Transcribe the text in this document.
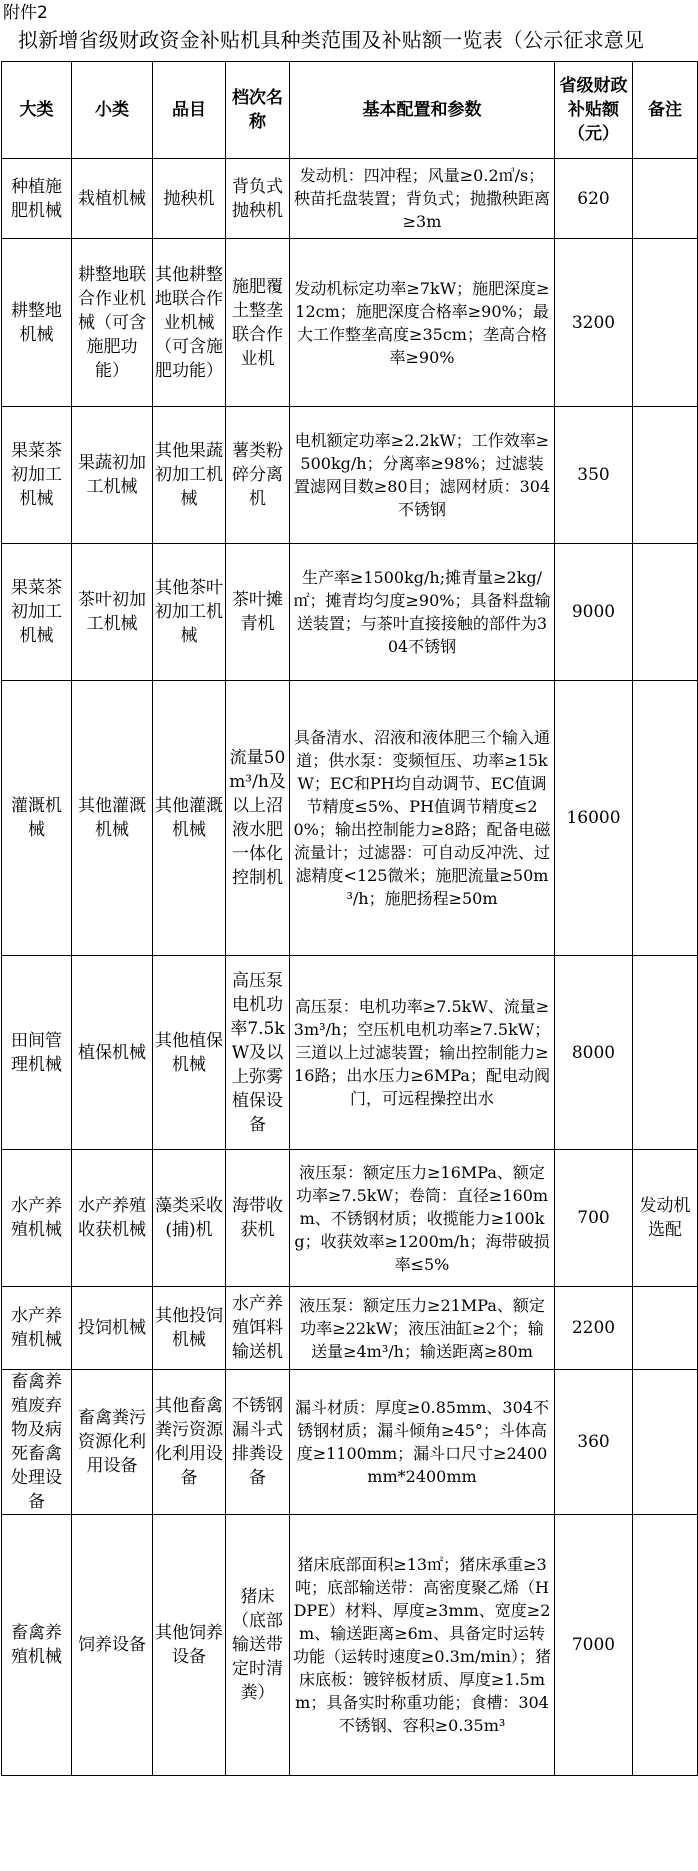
附件2
拟新增省级财政资金补贴机具种类范围及补贴额一览表（公示征求意见
大类	小类	品目	档次名称	基本配置和参数	省级财政补贴额（元）	备注
种植施肥机械	栽植机械	抛秧机	背负式抛秧机	发动机：四冲程；风量≥0.2㎥/s；秧苗托盘装置；背负式；抛撒秧距离≥3m	620	
耕整地机械	耕整地联合作业机械（可含施肥功能）	其他耕整地联合作业机械（可含施肥功能）	施肥覆土整垄联合作业机	发动机标定功率≥7kW；施肥深度≥12cm；施肥深度合格率≥90%；最大工作整垄高度≥35cm；垄高合格率≥90%	3200	
果菜茶初加工机械	果蔬初加工机械	其他果蔬初加工机械	薯类粉碎分离机	电机额定功率≥2.2kW；工作效率≥500kg/h；分离率≥98%；过滤装置滤网目数≥80目；滤网材质：304不锈钢	350	
果菜茶初加工机械	茶叶初加工机械	其他茶叶初加工机械	茶叶摊青机	生产率≥1500kg/h;摊青量≥2kg/㎡；摊青均匀度≥90%；具备料盘输送装置；与茶叶直接接触的部件为304不锈钢	9000	
灌溉机械	其他灌溉机械	其他灌溉机械	流量50m³/h及以上沼液水肥一体化控制机	具备清水、沼液和液体肥三个输入通道；供水泵：变频恒压、功率≥15kW；EC和PH均自动调节、EC值调节精度≤5%、PH值调节精度≤20%；输出控制能力≥8路；配备电磁流量计；过滤器：可自动反冲洗、过滤精度<125微米；施肥流量≥50m³/h；施肥扬程≥50m	16000	
田间管理机械	植保机械	其他植保机械	高压泵电机功率7.5kW及以上弥雾植保设备	高压泵：电机功率≥7.5kW、流量≥3m³/h；空压机电机功率≥7.5kW；三道以上过滤装置；输出控制能力≥16路；出水压力≥6MPa；配电动阀门，可远程操控出水	8000	
水产养殖机械	水产养殖收获机械	藻类采收(捕)机	海带收获机	液压泵：额定压力≥16MPa、额定功率≥7.5kW；卷筒：直径≥160mm、不锈钢材质；收揽能力≥100kg；收获效率≥1200m/h；海带破损率≤5%	700	发动机选配
水产养殖机械	投饲机械	其他投饲机械	水产养殖饵料输送机	液压泵：额定压力≥21MPa、额定功率≥22kW；液压油缸≥2个；输送量≥4m³/h；输送距离≥80m	2200	
畜禽养殖废弃物及病死畜禽处理设备	畜禽粪污资源化利用设备	其他畜禽粪污资源化利用设备	不锈钢漏斗式排粪设备	漏斗材质：厚度≥0.85mm、304不锈钢材质；漏斗倾角≥45°；斗体高度≥1100mm；漏斗口尺寸≥2400mm*2400mm	360	
畜禽养殖机械	饲养设备	其他饲养设备	猪床（底部输送带定时清粪）	猪床底部面积≥13㎡；猪床承重≥3吨；底部输送带：高密度聚乙烯（HDPE）材料、厚度≥3mm、宽度≥2m、输送距离≥6m、具备定时运转功能（运转时速度≥0.3m/min）；猪床底板：镀锌板材质、厚度≥1.5mm；具备实时称重功能；食槽：304不锈钢、容积≥0.35m³	7000	
